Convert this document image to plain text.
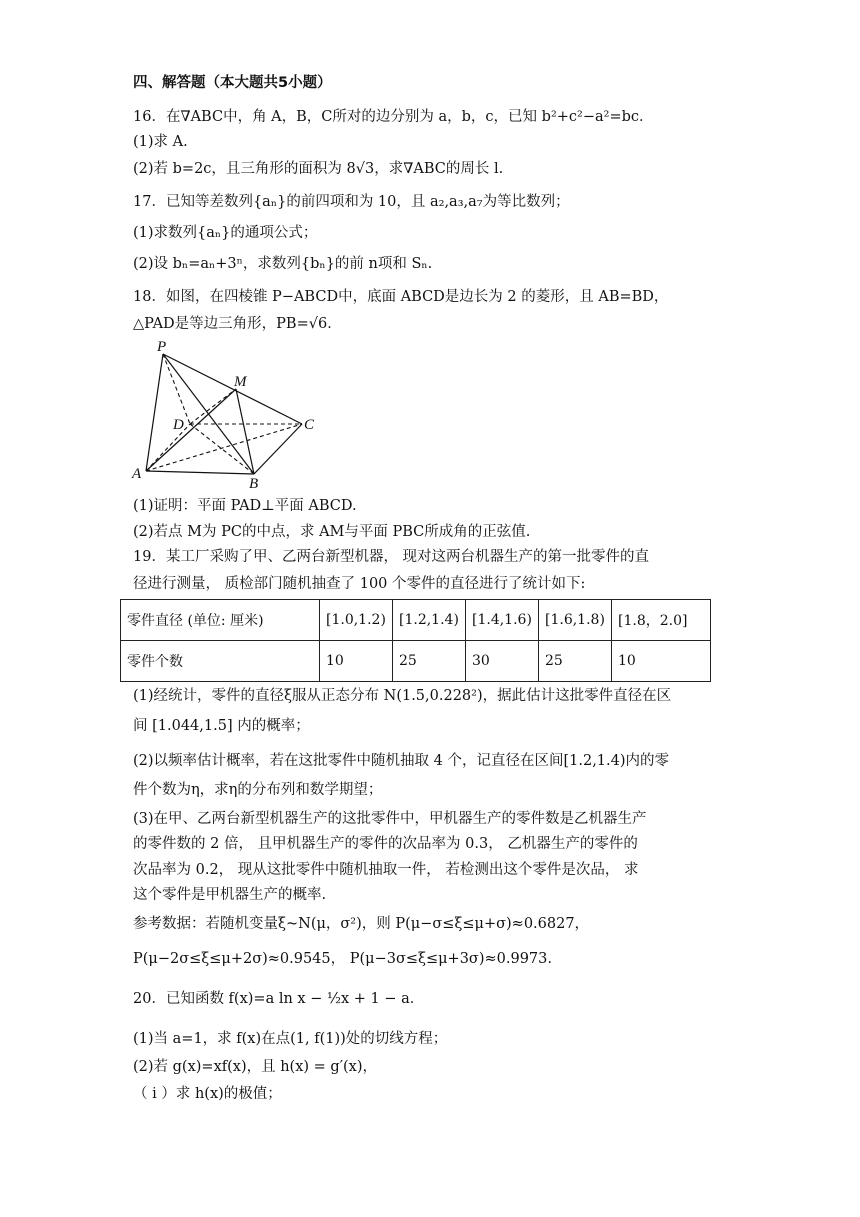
四、解答题（本大题共5小题）
16．在∇ABC中，角 A，B，C所对的边分别为 a，b，c，已知 b²+c²−a²=bc．
(1)求 A.
(2)若 b=2c，且三角形的面积为 8√3，求∇ABC的周长 l.
17．已知等差数列{aₙ}的前四项和为 10，且 a₂,a₃,a₇为等比数列；
(1)求数列{aₙ}的通项公式；
(2)设 bₙ=aₙ+3ⁿ，求数列{bₙ}的前 n项和 Sₙ.
18．如图，在四棱锥 P−ABCD中，底面 ABCD是边长为 2 的菱形，且 AB=BD，
△PAD是等边三角形，PB=√6．
P
M
D	C
A
B
(1)证明：平面 PAD⊥平面 ABCD.
(2)若点 M为 PC的中点，求 AM与平面 PBC所成角的正弦值.
19．某工厂采购了甲、乙两台新型机器， 现对这两台机器生产的第一批零件的直
径进行测量， 质检部门随机抽查了 100 个零件的直径进行了统计如下:
零件直径 (单位: 厘米)	[1.0,1.2)	[1.2,1.4)	[1.4,1.6)	[1.6,1.8)	[1.8，2.0]
零件个数	10	25	30	25	10
(1)经统计，零件的直径ξ服从正态分布 N(1.5,0.228²)，据此估计这批零件直径在区
间 [1.044,1.5] 内的概率；
(2)以频率估计概率，若在这批零件中随机抽取 4 个，记直径在区间[1.2,1.4)内的零
件个数为η，求η的分布列和数学期望；
(3)在甲、乙两台新型机器生产的这批零件中，甲机器生产的零件数是乙机器生产
的零件数的 2 倍， 且甲机器生产的零件的次品率为 0.3， 乙机器生产的零件的
次品率为 0.2， 现从这批零件中随机抽取一件， 若检测出这个零件是次品， 求
这个零件是甲机器生产的概率.
参考数据：若随机变量ξ~N(μ，σ²)，则 P(μ−σ≤ξ≤μ+σ)≈0.6827，
P(μ−2σ≤ξ≤μ+2σ)≈0.9545， P(μ−3σ≤ξ≤μ+3σ)≈0.9973.
20．已知函数 f(x)=a ln x − ½x + 1 − a．
(1)当 a=1，求 f(x)在点(1, f(1))处的切线方程；
(2)若 g(x)=xf(x)，且 h(x) = g′(x)，
（ i ）求 h(x)的极值；
